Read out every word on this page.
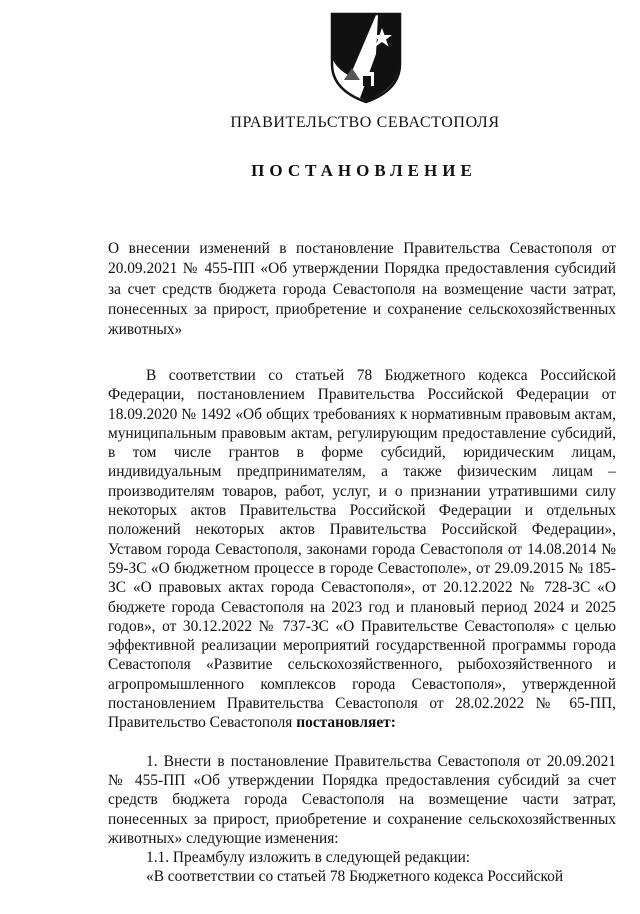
ПРАВИТЕЛЬСТВО СЕВАСТОПОЛЯ
ПОСТАНОВЛЕНИЕ
О внесении изменений в постановление Правительства Севастополя от 20.09.2021 № 455-ПП «Об утверждении Порядка предоставления субсидий за счет средств бюджета города Севастополя на возмещение части затрат, понесенных за прирост, приобретение и сохранение сельскохозяйственных животных»

В соответствии со статьей 78 Бюджетного кодекса Российской Федерации, постановлением Правительства Российской Федерации от 18.09.2020 № 1492 «Об общих требованиях к нормативным правовым актам, муниципальным правовым актам, регулирующим предоставление субсидий, в том числе грантов в форме субсидий, юридическим лицам, индивидуальным предпринимателям, а также физическим лицам – производителям товаров, работ, услуг, и о признании утратившими силу некоторых актов Правительства Российской Федерации и отдельных положений некоторых актов Правительства Российской Федерации», Уставом города Севастополя, законами города Севастополя от 14.08.2014 № 59-ЗС «О бюджетном процессе в городе Севастополе», от 29.09.2015 № 185-ЗС «О правовых актах города Севастополя», от 20.12.2022 № 728-ЗС «О бюджете города Севастополя на 2023 год и плановый период 2024 и 2025 годов», от 30.12.2022 № 737-ЗС «О Правительстве Севастополя» с целью эффективной реализации мероприятий государственной программы города Севастополя «Развитие сельскохозяйственного, рыбохозяйственного и агропромышленного комплексов города Севастополя», утвержденной постановлением Правительства Севастополя от 28.02.2022 № 65-ПП, Правительство Севастополя постановляет:

1. Внести в постановление Правительства Севастополя от 20.09.2021 № 455-ПП «Об утверждении Порядка предоставления субсидий за счет средств бюджета города Севастополя на возмещение части затрат, понесенных за прирост, приобретение и сохранение сельскохозяйственных животных» следующие изменения:

1.1. Преамбулу изложить в следующей редакции:

«В соответствии со статьей 78 Бюджетного кодекса Российской
